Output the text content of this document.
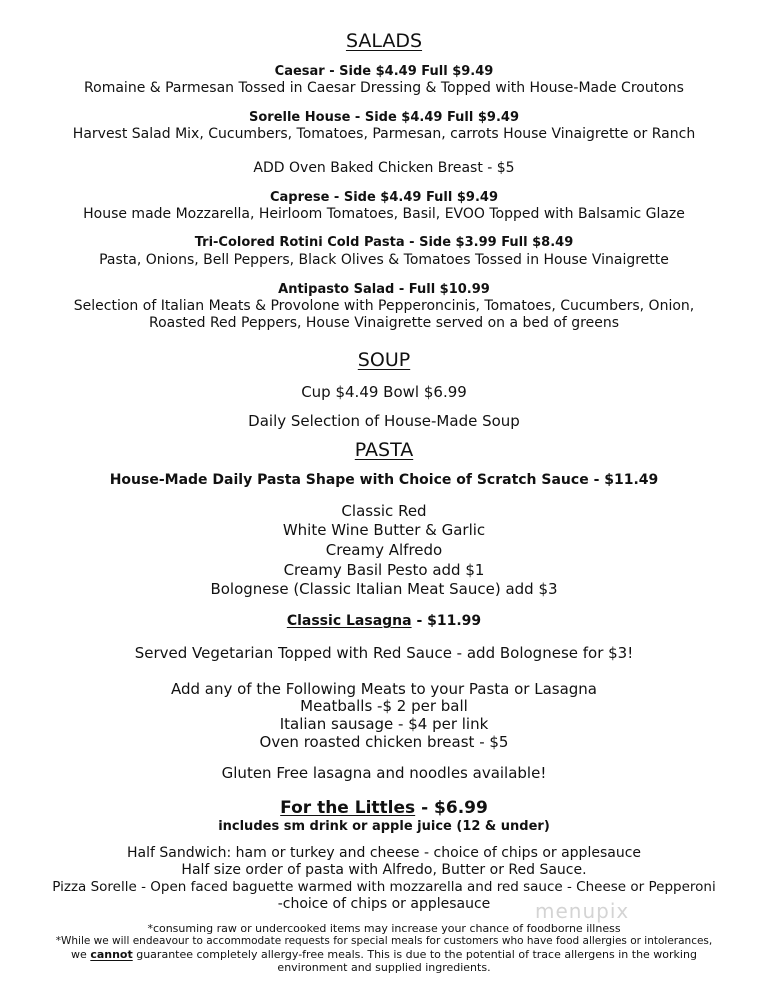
SALADS
Caesar - Side $4.49 Full $9.49
Romaine & Parmesan Tossed in Caesar Dressing & Topped with House-Made Croutons
Sorelle House - Side $4.49 Full $9.49
Harvest Salad Mix, Cucumbers, Tomatoes, Parmesan, carrots House Vinaigrette or Ranch
ADD Oven Baked Chicken Breast - $5
Caprese - Side $4.49 Full $9.49
House made Mozzarella, Heirloom Tomatoes, Basil, EVOO Topped with Balsamic Glaze
Tri-Colored Rotini Cold Pasta - Side $3.99 Full $8.49
Pasta, Onions, Bell Peppers, Black Olives & Tomatoes Tossed in House Vinaigrette
Antipasto Salad - Full $10.99
Selection of Italian Meats & Provolone with Pepperoncinis, Tomatoes, Cucumbers, Onion,
Roasted Red Peppers, House Vinaigrette served on a bed of greens
SOUP
Cup $4.49 Bowl $6.99
Daily Selection of House-Made Soup
PASTA
House-Made Daily Pasta Shape with Choice of Scratch Sauce - $11.49
Classic Red
White Wine Butter & Garlic
Creamy Alfredo
Creamy Basil Pesto add $1
Bolognese (Classic Italian Meat Sauce) add $3
Classic Lasagna - $11.99
Served Vegetarian Topped with Red Sauce - add Bolognese for $3!
Add any of the Following Meats to your Pasta or Lasagna
Meatballs -$ 2 per ball
Italian sausage - $4 per link
Oven roasted chicken breast - $5
Gluten Free lasagna and noodles available!
For the Littles - $6.99
includes sm drink or apple juice (12 & under)
Half Sandwich: ham or turkey and cheese - choice of chips or applesauce
Half size order of pasta with Alfredo, Butter or Red Sauce.
Pizza Sorelle - Open faced baguette warmed with mozzarella and red sauce - Cheese or Pepperoni
-choice of chips or applesauce
*consuming raw or undercooked items may increase your chance of foodborne illness
*While we will endeavour to accommodate requests for special meals for customers who have food allergies or intolerances,
we cannot guarantee completely allergy-free meals. This is due to the potential of trace allergens in the working
environment and supplied ingredients.
menupix
